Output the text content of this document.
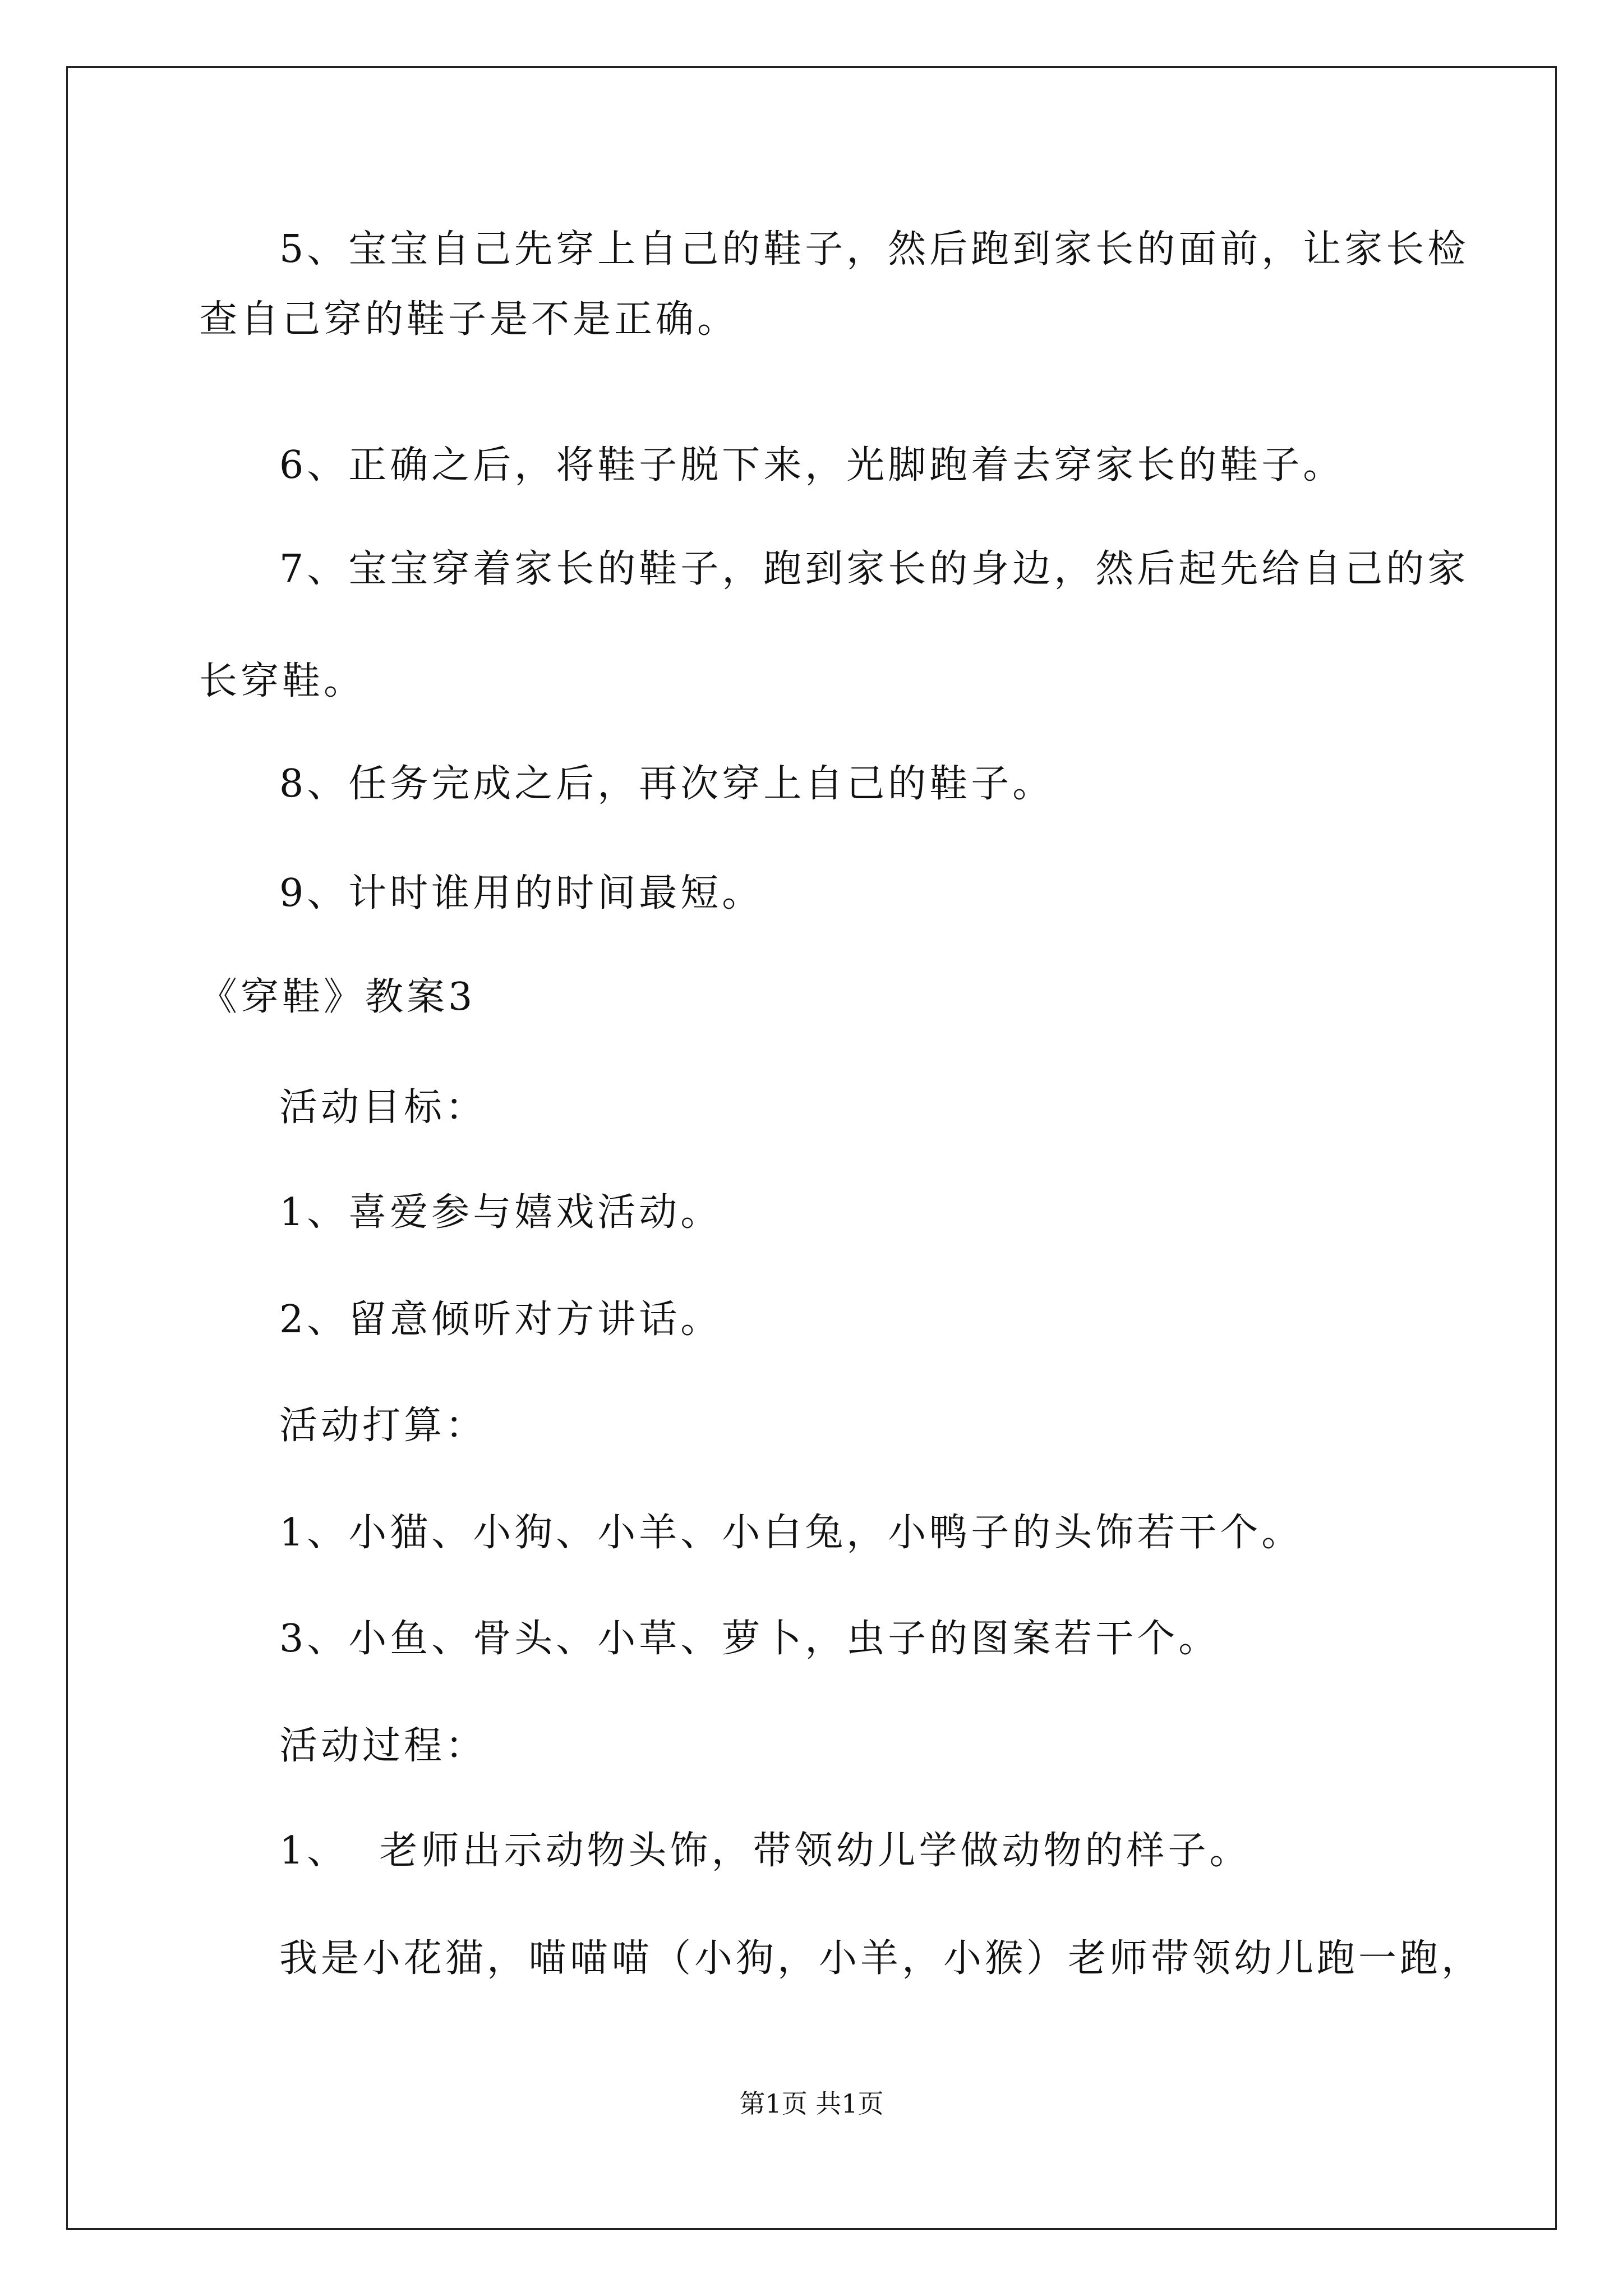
5、宝宝自己先穿上自己的鞋子，然后跑到家长的面前，让家长检
查自己穿的鞋子是不是正确。
6、正确之后，将鞋子脱下来，光脚跑着去穿家长的鞋子。
7、宝宝穿着家长的鞋子，跑到家长的身边，然后起先给自己的家
长穿鞋。
8、任务完成之后，再次穿上自己的鞋子。
9、计时谁用的时间最短。
《穿鞋》教案3
活动目标：
1、喜爱参与嬉戏活动。
2、留意倾听对方讲话。
活动打算：
1、小猫、小狗、小羊、小白兔，小鸭子的头饰若干个。
3、小鱼、骨头、小草、萝卜，虫子的图案若干个。
活动过程：
1、  老师出示动物头饰，带领幼儿学做动物的样子。
我是小花猫，喵喵喵（小狗，小羊，小猴）老师带领幼儿跑一跑，
第1页 共1页
